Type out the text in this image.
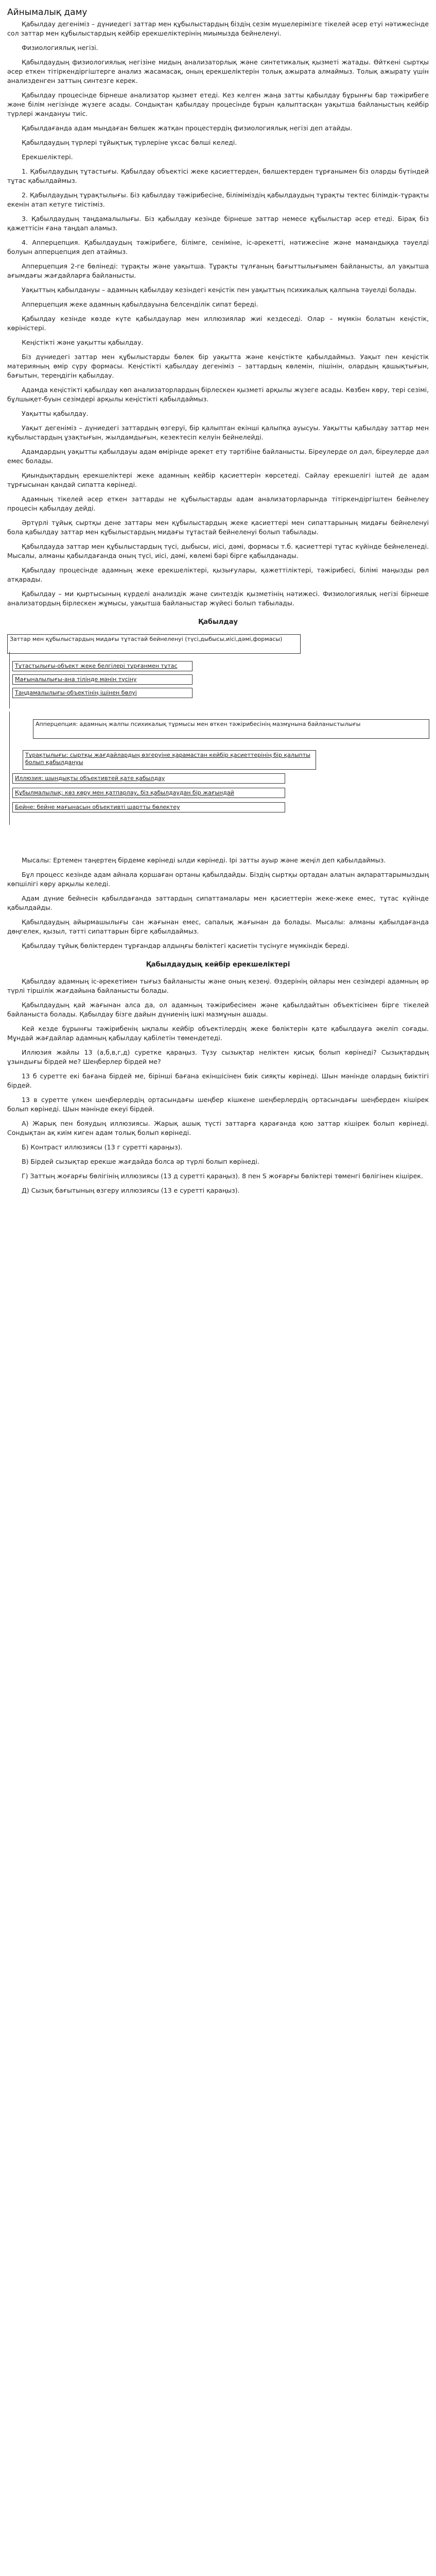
Айнымалық даму

Қабылдау дегеніміз – дүниедегі заттар мен құбылыстардың біздің сезім мүшелерімізге тікелей әсер етуі нәтижесінде сол заттар мен құбылыстардың кейбір ерекшеліктерінің миымызда бейнеленуі.

Физиологиялық негізі.

Қабылдаудың физиологиялық негізіне мидың анализаторлық және синтетикалық қызметі жатады. Өйткені сыртқы әсер еткен тітіркендіргіштерге анализ жасамасақ, оның ерекшеліктерін толық ажырата алмаймыз. Толық ажырату үшін анализденген заттың синтезге керек.

Қабылдау процесінде бірнеше анализатор қызмет етеді. Кез келген жаңа затты қабылдау бұрынғы бар тәжірибеге және білім негізінде жүзеге асады. Сондықтан қабылдау процесінде бұрын қалыптасқан уақытша байланыстың кейбір түрлері жандануы тиіс.

Қабылдағанда адам мыңдаған бөлшек жатқан процестердің физиологиялық негізі деп атайды.

Қабылдаудың түрлері тұйықтық түрлеріне үксас бөлші келеді.

Ерекшеліктері.

1. Қабылдаудың тұтастығы. Қабылдау объектісі жеке қасиеттерден, бөлшектерден тұрғанымен біз оларды бүтіндей тұтас қабылдаймыз.

2. Қабылдаудың тұрақтылығы. Біз қабылдау тәжірибесіне, біліміміздің қабылдаудың тұрақты тектес білімдік-тұрақты екенін атап кетуге тиістіміз.

3. Қабылдаудың таңдамалылығы. Біз қабылдау кезінде бірнеше заттар немесе құбылыстар әсер етеді. Бірақ біз қажеттісін ғана таңдап аламыз.

4. Апперцепция. Қабылдаудың тәжірибеге, білімге, сеніміне, іс-әрекетті, нәтижесіне және мамандыққа тәуелді болуын апперцепция деп атаймыз.

Апперцепция 2-ге бөлінеді: тұрақты және уақытша. Тұрақты тұлғаның бағыттылығымен байланысты, ал уақытша ағымдағы жағдайларға байланысты.

Уақыттың қабылдануы – адамның қабылдау кезіндегі кеңістік пен уақыттың психикалық қалпына тәуелді болады.

Апперцепция жеке адамның қабылдауына белсенділік сипат береді.

Қабылдау кезінде көзде күте қабылдаулар мен иллюзиялар жиі кездеседі. Олар – мүмкін болатын кеңістік, көріністері.

Кеңістікті және уақытты қабылдау.

Біз дүниедегі заттар мен құбылыстарды бөлек бір уақытта және кеңістікте қабылдаймыз. Уақыт пен кеңістік материяның өмір сүру формасы. Кеңістікті қабылдау дегеніміз – заттардың көлемін, пішінін, олардың қашықтығын, бағытын, тереңдігін қабылдау.

Адамда кеңістікті қабылдау көп анализаторлардың бірлескен қызметі арқылы жүзеге асады. Көзбен көру, тері сезімі, бұлшықет-буын сезімдері арқылы кеңістікті қабылдаймыз.

Уақытты қабылдау.

Уақыт дегеніміз – дүниедегі заттардың өзгеруі, бір қалыптан екінші қалыпқа ауысуы. Уақытты қабылдау заттар мен құбылыстардың ұзақтығын, жылдамдығын, кезектесіп келуін бейнелейді.

Адамдардың уақытты қабылдауы адам өмірінде әрекет ету тәртібіне байланысты. Біреулерде ол дәл, біреулерде дәл емес болады.

Қиындықтардың ерекшеліктері жеке адамның кейбір қасиеттерін көрсетеді. Сайлау ерекшелігі іштей де адам тұрғысынан қандай сипатта көрінеді.

Адамның тікелей әсер еткен заттарды не құбылыстарды адам анализаторларында тітіркендіргіштен бейнелеу процесін қабылдау дейді.

Әртүрлі тұйық сыртқы дене заттары мен құбылыстардың жеке қасиеттері мен сипаттарының мидағы бейнеленуі бола қабылдау заттар мен құбылыстардың мидағы тұтастай бейнеленуі болып табылады.

Қабылдауда заттар мен құбылыстардың түсі, дыбысы, иісі, дәмі, формасы т.б. қасиеттері тұтас күйінде бейнеленеді. Мысалы, алманы қабылдағанда оның түсі, иісі, дәмі, көлемі бәрі бірге қабылданады.

Қабылдау процесінде адамның жеке ерекшеліктері, қызығулары, қажеттіліктері, тәжірибесі, білімі маңызды рөл атқарады.

Қабылдау – ми қыртысының күрделі анализдік және синтездік қызметінің нәтижесі. Физиологиялық негізі бірнеше анализатордың бірлескен жұмысы, уақытша байланыстар жүйесі болып табылады.

Қабылдау
Заттар мен құбылыстардың мидағы тұтастай бейнеленуі (түсі,дыбысы,иісі,дәмі,формасы)
Тұтастылығы-объект жеке белгілері тұрғанмен тұтас
Мағыналылығы-ана тілінде мәнін түсіну
Таңдамалылығы-объектінің ішінен бөлуі
Апперцепция: адамның жалпы психикалық тұрмысы мен өткен тәжірибесінің мазмұнына байланыстылығы
Тұрақтылығы: сыртқы жағдайлардың өзгеруіне қарамастан кейбір қасиеттерінің бір қалыпты болып қабылдануы
Иллюзия: шындықты объективтей қате қабылдау
Құбылмалылық: көз көру мен қатпарлау, біз қабылдаудан бір жағындай
Бейне: бейне мағынасын объективті шартты бөлектеу

Мысалы: Ертемен таңертең бірдеме көрінеді ылди көрінеді. Ірі затты ауыр және жеңіл деп қабылдаймыз.

Бұл процесс кезінде адам айнала қоршаған ортаны қабылдайды. Біздің сыртқы ортадан алатын ақпараттарымыздың көпшілігі көру арқылы келеді.

Адам дүние бейнесін қабылдағанда заттардың сипаттамалары мен қасиеттерін жеке-жеке емес, тұтас күйінде қабылдайды.

Қабылдаудың айырмашылығы сан жағынан емес, сапалық жағынан да болады. Мысалы: алманы қабылдағанда дөңгелек, қызыл, тәтті сипаттарын бірге қабылдаймыз.

Қабылдау тұйық бөліктерден тұрғандар алдыңғы бөліктегі қасиетін түсінуге мүмкіндік береді.

Қабылдаудың кейбір ерекшеліктері

Қабылдау адамның іс-әрекетімен тығыз байланысты және оның кезеңі. Өздерінің ойлары мен сезімдері адамның әр түрлі тіршілік жағдайына байланысты болады.

Қабылдаудың қай жағынан алса да, ол адамның тәжірибесімен және қабылдайтын объектісімен бірге тікелей байланыста болады. Қабылдау бізге дайын дүниенің ішкі мазмұнын ашады.

Кей кезде бұрынғы тәжірибенің ықпалы кейбір объектілердің жеке бөліктерін қате қабылдауға әкеліп соғады. Мұндай жағдайлар адамның қабылдау қабілетін төмендетеді.

Иллюзия жайлы 13 (а,б,в,г,д) суретке қараңыз. Түзу сызықтар неліктен қисық болып көрінеді? Сызықтардың ұзындығы бірдей ме? Шеңберлер бірдей ме?

13 б суретте екі бағана бірдей ме, бірінші бағана екіншісінен биік сияқты көрінеді. Шын мәнінде олардың биіктігі бірдей.

13 в суретте үлкен шеңберлердің ортасындағы шеңбер кішкене шеңберлердің ортасындағы шеңберден кішірек болып көрінеді. Шын мәнінде екеуі бірдей.

А) Жарық пен бояудың иллюзиясы. Жарық ашық түсті заттарға қарағанда қою заттар кішірек болып көрінеді. Сондықтан ақ киім киген адам толық болып көрінеді.

Б) Контраст иллюзиясы (13 г суретті қараңыз).

В) Бірдей сызықтар ерекше жағдайда болса әр түрлі болып көрінеді.

Г) Заттың жоғарғы бөлігінің иллюзиясы (13 д суретті қараңыз). 8 пен S жоғарғы бөліктері төменгі бөлігінен кішірек.

Д) Сызық бағытының өзгеру иллюзиясы (13 е суретті қараңыз).
